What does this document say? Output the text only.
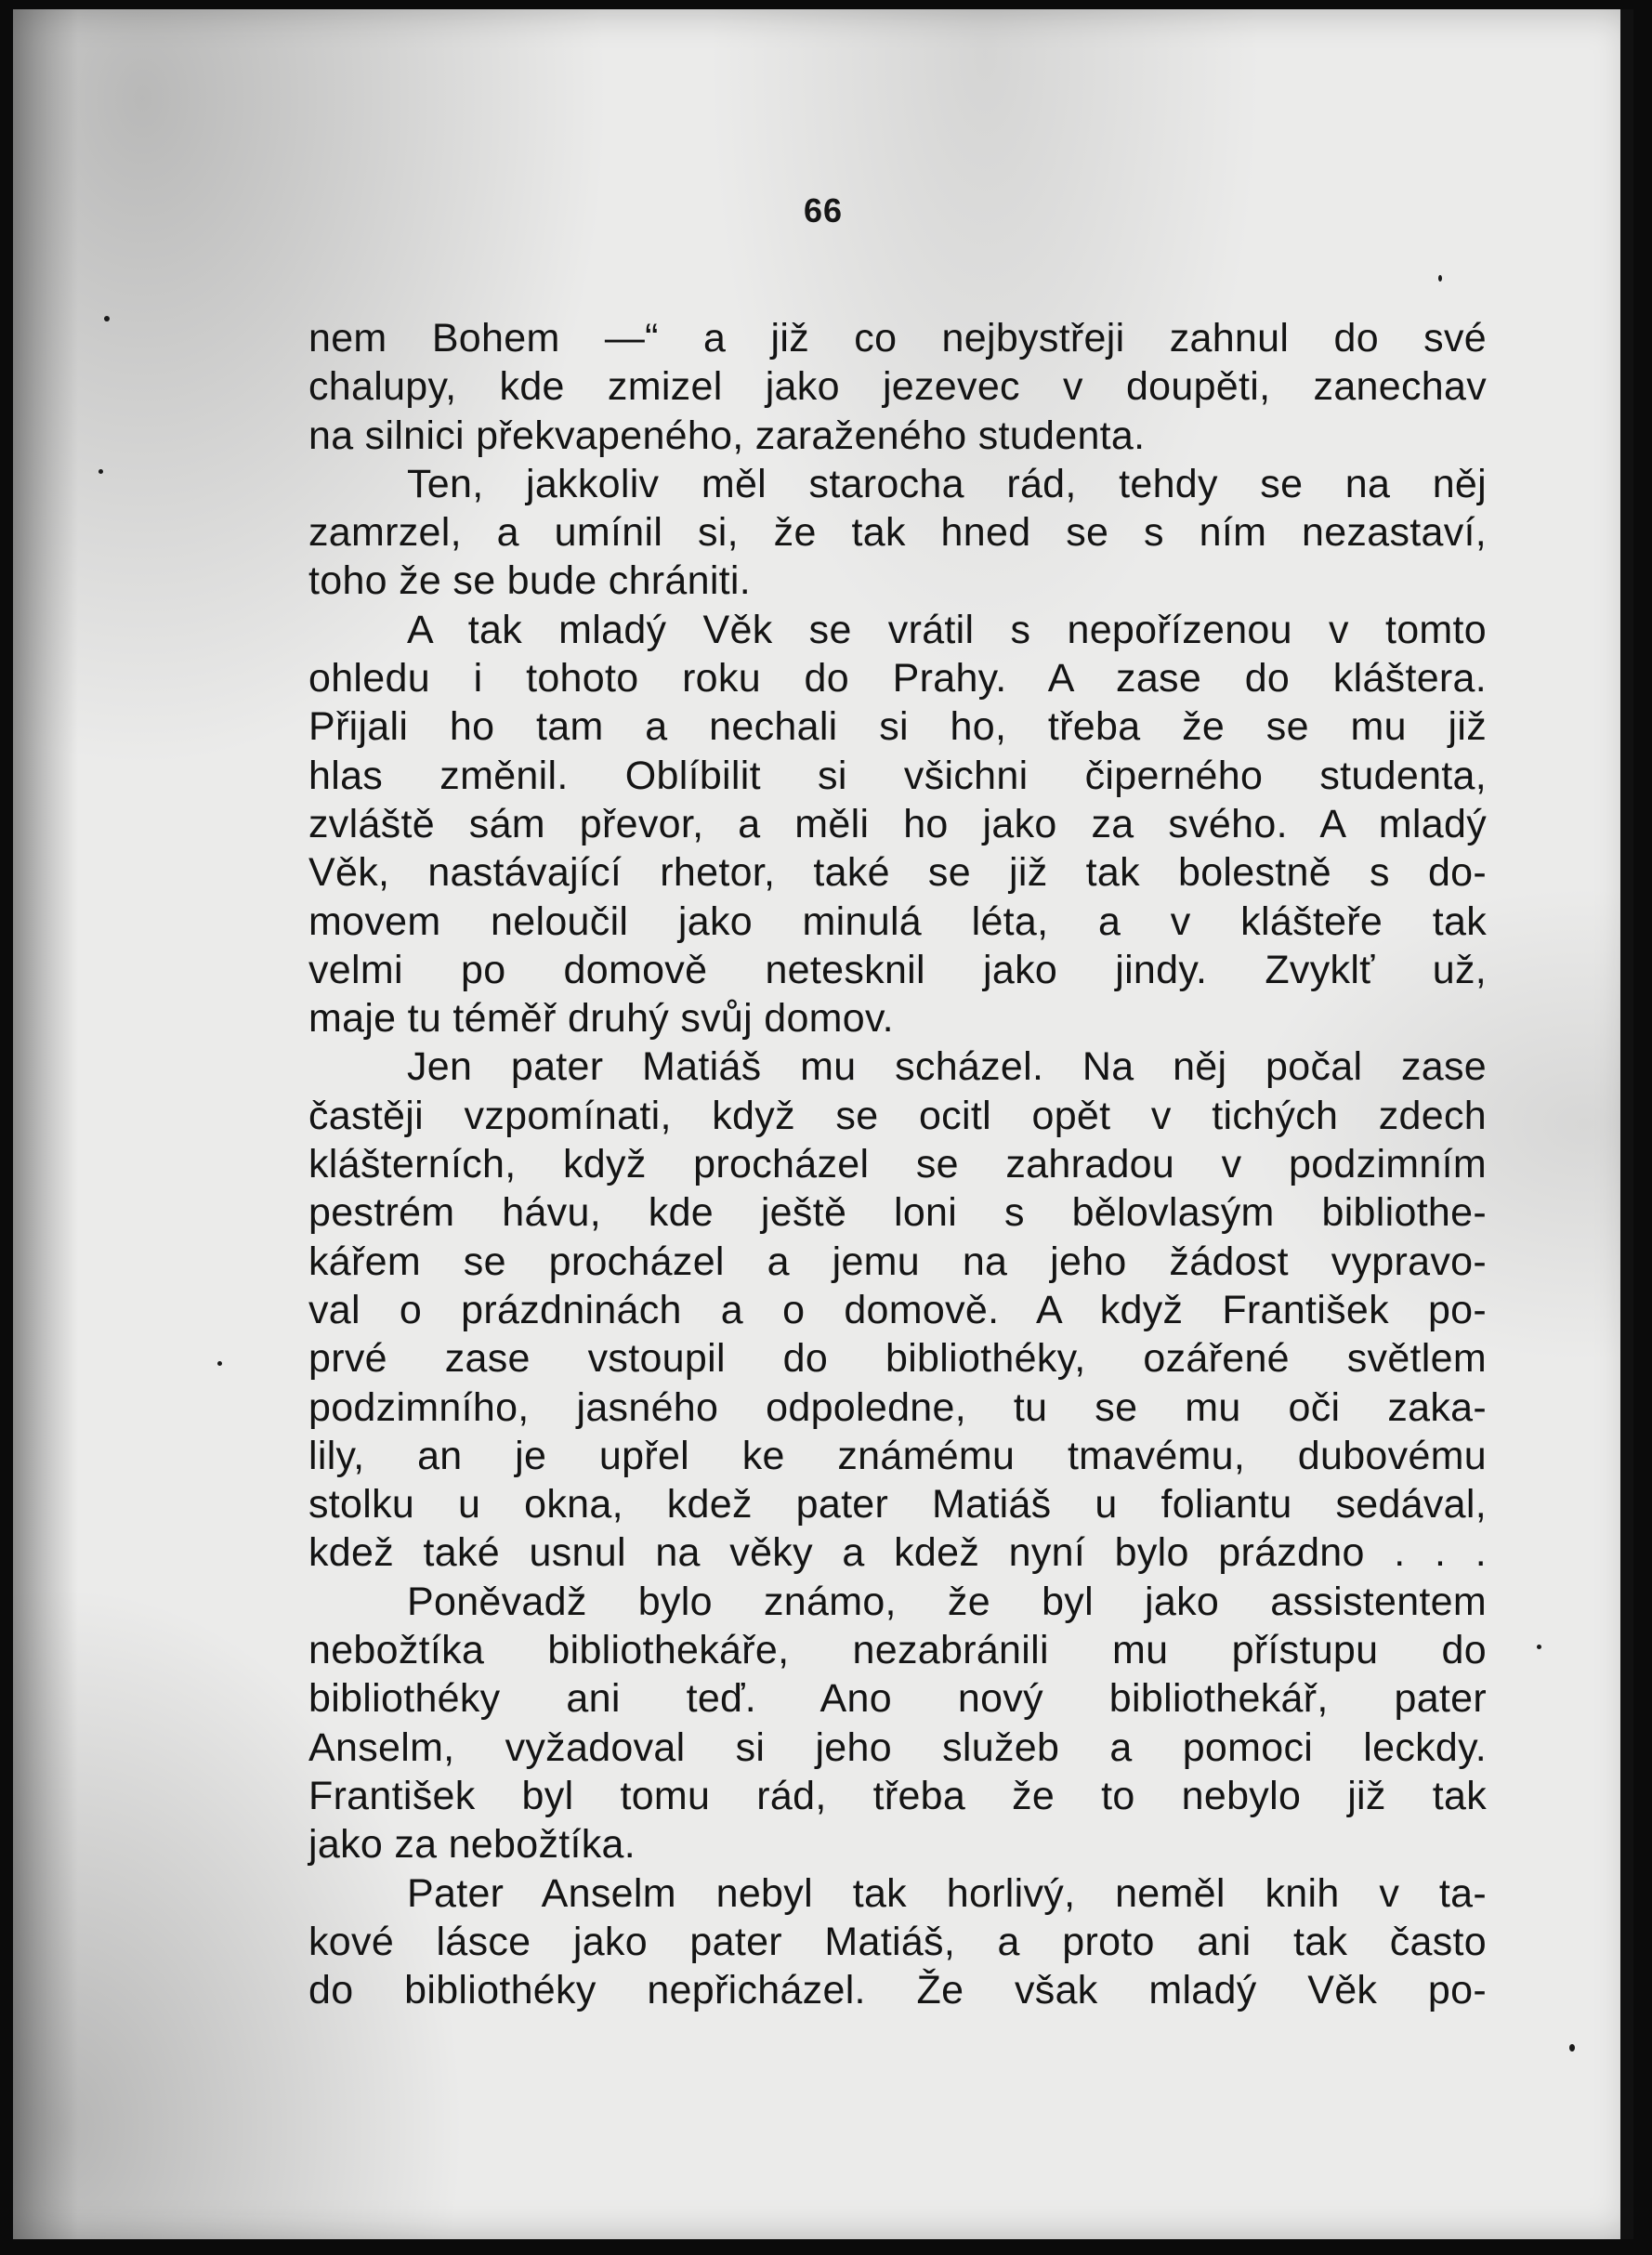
66
nem Bohem —“ a již co nejbystřeji zahnul do své
chalupy, kde zmizel jako jezevec v doupěti, zanechav
na silnici překvapeného, zaraženého studenta.
Ten, jakkoliv měl starocha rád, tehdy se na něj
zamrzel, a umínil si, že tak hned se s ním nezastaví,
toho že se bude chrániti.
A tak mladý Věk se vrátil s nepořízenou v tomto
ohledu i tohoto roku do Prahy. A zase do kláštera.
Přijali ho tam a nechali si ho, třeba že se mu již
hlas změnil. Oblíbilit si všichni čiperného studenta,
zvláště sám převor, a měli ho jako za svého. A mladý
Věk, nastávající rhetor, také se již tak bolestně s do-
movem neloučil jako minulá léta, a v klášteře tak
velmi po domově netesknil jako jindy. Zvyklť už,
maje tu téměř druhý svůj domov.
Jen pater Matiáš mu scházel. Na něj počal zase
častěji vzpomínati, když se ocitl opět v tichých zdech
klášterních, když procházel se zahradou v podzimním
pestrém hávu, kde ještě loni s bělovlasým bibliothe-
kářem se procházel a jemu na jeho žádost vypravo-
val o prázdninách a o domově. A když František po-
prvé zase vstoupil do bibliothéky, ozářené světlem
podzimního, jasného odpoledne, tu se mu oči zaka-
lily, an je upřel ke známému tmavému, dubovému
stolku u okna, kdež pater Matiáš u foliantu sedával,
kdež také usnul na věky a kdež nyní bylo prázdno . . .
Poněvadž bylo známo, že byl jako assistentem
nebožtíka bibliothekáře, nezabránili mu přístupu do
bibliothéky ani teď. Ano nový bibliothekář, pater
Anselm, vyžadoval si jeho služeb a pomoci leckdy.
František byl tomu rád, třeba že to nebylo již tak
jako za nebožtíka.
Pater Anselm nebyl tak horlivý, neměl knih v ta-
kové lásce jako pater Matiáš, a proto ani tak často
do bibliothéky nepřicházel. Že však mladý Věk po-
